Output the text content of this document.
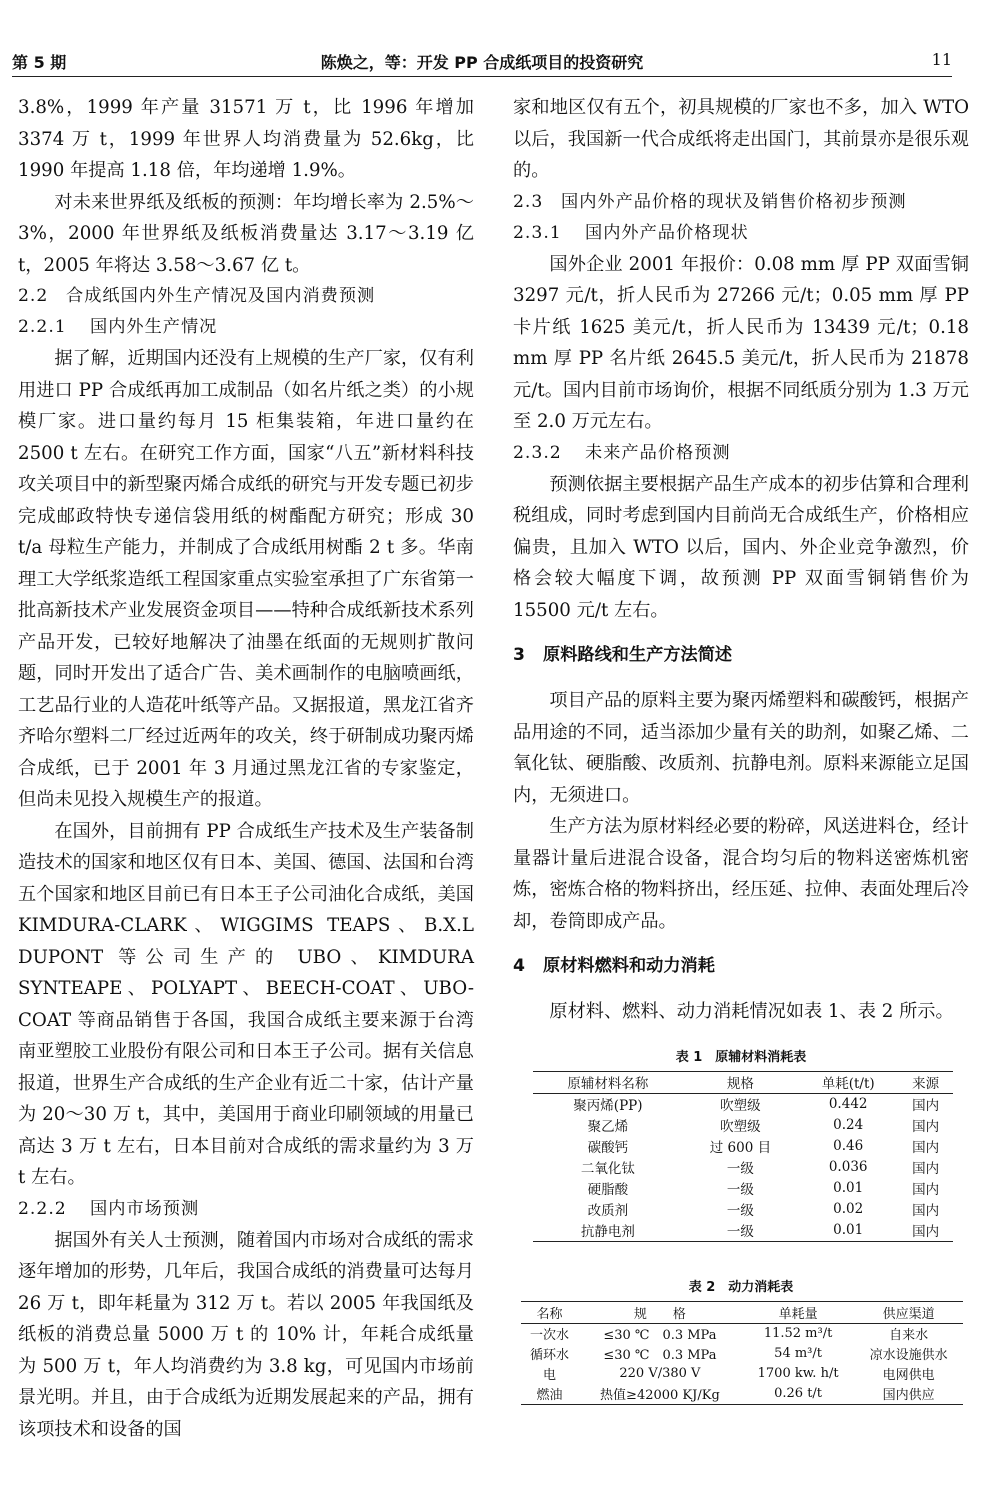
第 5 期	陈焕之，等：开发 PP 合成纸项目的投资研究	11

3.8%，1999 年产量 31571 万 t，比 1996 年增加 3374 万 t，1999 年世界人均消费量为 52.6kg，比 1990 年提高 1.18 倍，年均递增 1.9%。

对未来世界纸及纸板的预测：年均增长率为 2.5%～3%，2000 年世界纸及纸板消费量达 3.17～3.19 亿 t，2005 年将达 3.58～3.67 亿 t。

2.2 合成纸国内外生产情况及国内消费预测
2.2.1 国内外生产情况

据了解，近期国内还没有上规模的生产厂家，仅有利用进口 PP 合成纸再加工成制品（如名片纸之类）的小规模厂家。进口量约每月 15 柜集装箱，年进口量约在 2500 t 左右。在研究工作方面，国家“八五”新材料科技攻关项目中的新型聚丙烯合成纸的研究与开发专题已初步完成邮政特快专递信袋用纸的树酯配方研究；形成 30 t/a 母粒生产能力，并制成了合成纸用树酯 2 t 多。华南理工大学纸浆造纸工程国家重点实验室承担了广东省第一批高新技术产业发展资金项目——特种合成纸新技术系列产品开发，已较好地解决了油墨在纸面的无规则扩散问题，同时开发出了适合广告、美术画制作的电脑喷画纸，工艺品行业的人造花叶纸等产品。又据报道，黑龙江省齐齐哈尔塑料二厂经过近两年的攻关，终于研制成功聚丙烯合成纸，已于 2001 年 3 月通过黑龙江省的专家鉴定，但尚未见投入规模生产的报道。

在国外，目前拥有 PP 合成纸生产技术及生产装备制造技术的国家和地区仅有日本、美国、德国、法国和台湾五个国家和地区目前已有日本王子公司油化合成纸，美国 KIMDURA-CLARK、WIGGIMS TEAPS、B.X.L DUPONT 等公司生产的 UBO、KIMDURA SYNTEAPE、POLYAPT、BEECH-COAT、UBO-COAT 等商品销售于各国，我国合成纸主要来源于台湾南亚塑胶工业股份有限公司和日本王子公司。据有关信息报道，世界生产合成纸的生产企业有近二十家，估计产量为 20～30 万 t，其中，美国用于商业印刷领域的用量已高达 3 万 t 左右，日本目前对合成纸的需求量约为 3 万 t 左右。

2.2.2 国内市场预测

据国外有关人士预测，随着国内市场对合成纸的需求逐年增加的形势，几年后，我国合成纸的消费量可达每月 26 万 t，即年耗量为 312 万 t。若以 2005 年我国纸及纸板的消费总量 5000 万 t 的 10% 计，年耗合成纸量为 500 万 t，年人均消费约为 3.8 kg，可见国内市场前景光明。并且，由于合成纸为近期发展起来的产品，拥有该项技术和设备的国

家和地区仅有五个，初具规模的厂家也不多，加入 WTO 以后，我国新一代合成纸将走出国门，其前景亦是很乐观的。

2.3 国内外产品价格的现状及销售价格初步预测
2.3.1 国内外产品价格现状

国外企业 2001 年报价：0.08 mm 厚 PP 双面雪铜 3297 元/t，折人民币为 27266 元/t；0.05 mm 厚 PP 卡片纸 1625 美元/t，折人民币为 13439 元/t；0.18 mm 厚 PP 名片纸 2645.5 美元/t，折人民币为 21878 元/t。国内目前市场询价，根据不同纸质分别为 1.3 万元至 2.0 万元左右。

2.3.2 未来产品价格预测

预测依据主要根据产品生产成本的初步估算和合理利税组成，同时考虑到国内目前尚无合成纸生产，价格相应偏贵，且加入 WTO 以后，国内、外企业竞争激烈，价格会较大幅度下调，故预测 PP 双面雪铜销售价为 15500 元/t 左右。

3 原料路线和生产方法简述

项目产品的原料主要为聚丙烯塑料和碳酸钙，根据产品用途的不同，适当添加少量有关的助剂，如聚乙烯、二氧化钛、硬脂酸、改质剂、抗静电剂。原料来源能立足国内，无须进口。

生产方法为原材料经必要的粉碎，风送进料仓，经计量器计量后进混合设备，混合均匀后的物料送密炼机密炼，密炼合格的物料挤出，经压延、拉伸、表面处理后冷却，卷筒即成产品。

4 原材料燃料和动力消耗

原材料、燃料、动力消耗情况如表 1、表 2 所示。

表 1　原辅材料消耗表
原辅材料名称	规格	单耗(t/t)	来源
聚丙烯(PP)	吹塑级	0.442	国内
聚乙烯	吹塑级	0.24	国内
碳酸钙	过 600 目	0.46	国内
二氧化钛	一级	0.036	国内
硬脂酸	一级	0.01	国内
改质剂	一级	0.02	国内
抗静电剂	一级	0.01	国内
表 2　动力消耗表
名称	规　　格	单耗量	供应渠道
一次水	≤30 ℃　0.3 MPa	11.52 m³/t	自来水
循环水	≤30 ℃　0.3 MPa	54 m³/t	凉水设施供水
电	220 V/380 V	1700 kw. h/t	电网供电
燃油	热值≥42000 KJ/Kg	0.26 t/t	国内供应
